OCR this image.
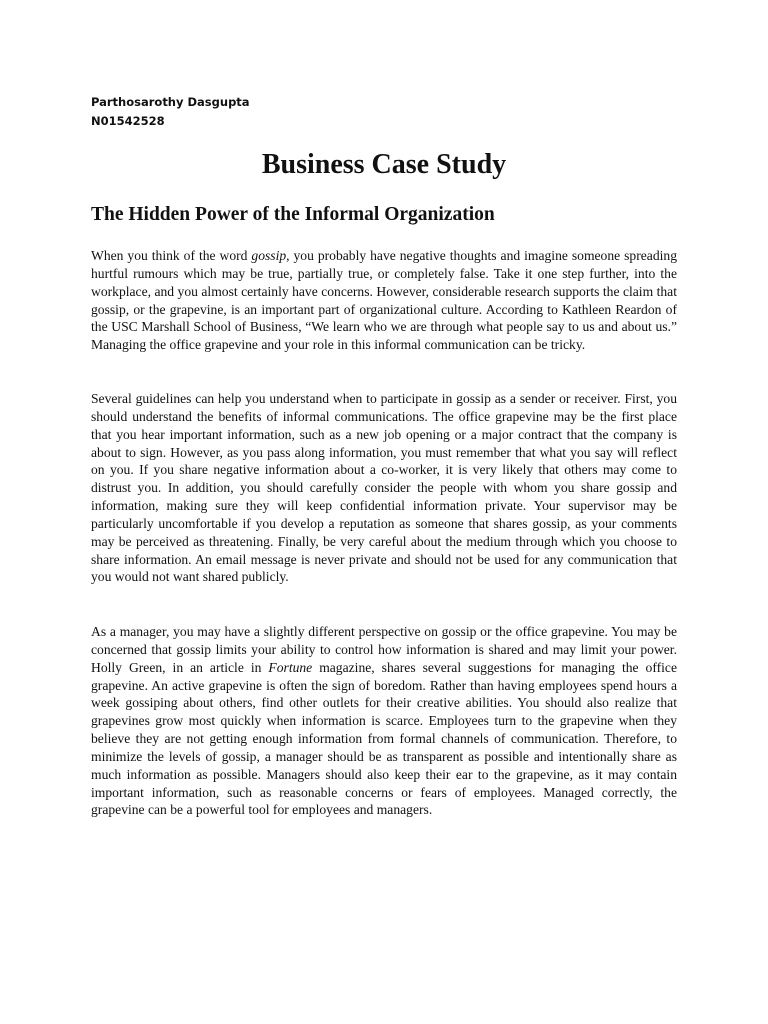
Parthosarothy Dasgupta
N01542528
Business Case Study
The Hidden Power of the Informal Organization

When you think of the word gossip, you probably have negative thoughts and imagine someone spreading hurtful rumours which may be true, partially true, or completely false. Take it one step further, into the workplace, and you almost certainly have concerns. However, considerable research supports the claim that gossip, or the grapevine, is an important part of organizational culture. According to Kathleen Reardon of the USC Marshall School of Business, “We learn who we are through what people say to us and about us.” Managing the office grapevine and your role in this informal communication can be tricky.

Several guidelines can help you understand when to participate in gossip as a sender or receiver. First, you should understand the benefits of informal communications. The office grapevine may be the first place that you hear important information, such as a new job opening or a major contract that the company is about to sign. However, as you pass along information, you must remember that what you say will reflect on you. If you share negative information about a co-worker, it is very likely that others may come to distrust you. In addition, you should carefully consider the people with whom you share gossip and information, making sure they will keep confidential information private. Your supervisor may be particularly uncomfortable if you develop a reputation as someone that shares gossip, as your comments may be perceived as threatening. Finally, be very careful about the medium through which you choose to share information. An email message is never private and should not be used for any communication that you would not want shared publicly.

As a manager, you may have a slightly different perspective on gossip or the office grapevine. You may be concerned that gossip limits your ability to control how information is shared and may limit your power. Holly Green, in an article in Fortune magazine, shares several suggestions for managing the office grapevine. An active grapevine is often the sign of boredom. Rather than having employees spend hours a week gossiping about others, find other outlets for their creative abilities. You should also realize that grapevines grow most quickly when information is scarce. Employees turn to the grapevine when they believe they are not getting enough information from formal channels of communication. Therefore, to minimize the levels of gossip, a manager should be as transparent as possible and intentionally share as much information as possible. Managers should also keep their ear to the grapevine, as it may contain important information, such as reasonable concerns or fears of employees. Managed correctly, the grapevine can be a powerful tool for employees and managers.
